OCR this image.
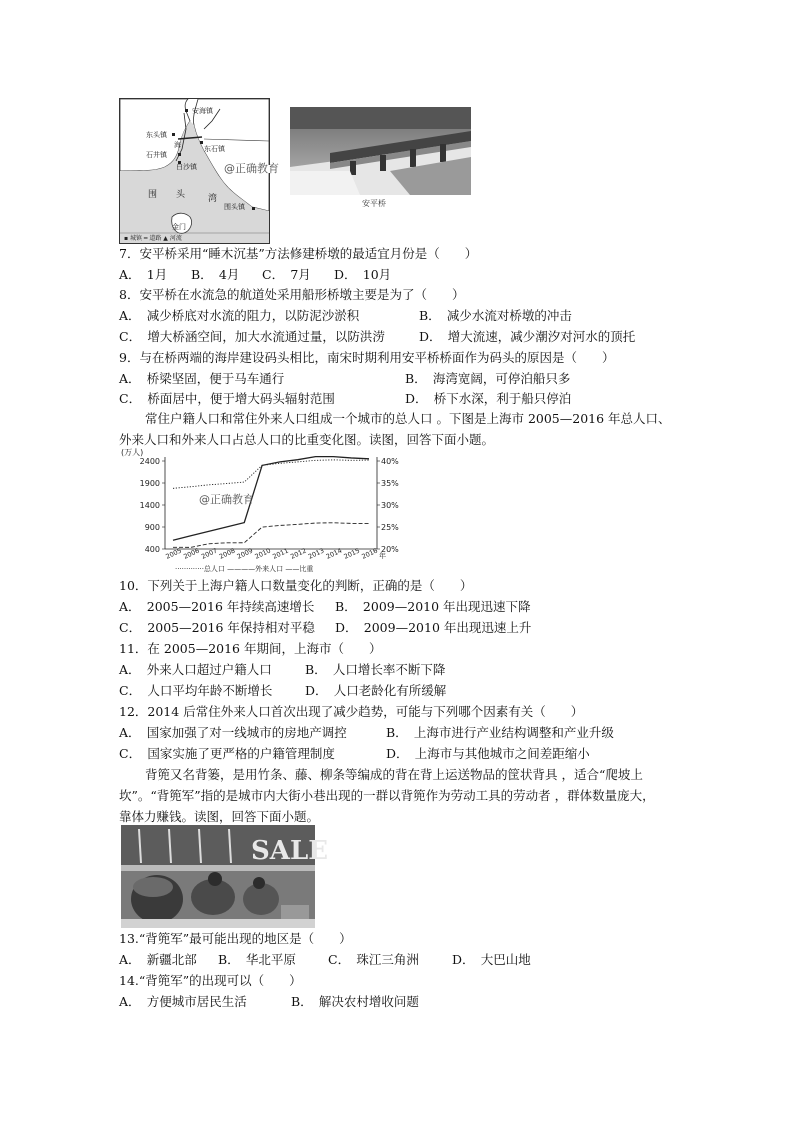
安海镇
东头镇
海
石井镇
东石镇
白沙镇
围 头	湾
围头镇
金门
▪ 城镇 ━ 道路 ▲ 河流
@正确教育
安平桥
7．安平桥采用“睡木沉基”方法修建桥墩的最适宜月份是（　　）
A．　1月 B．　4月 C．　7月 D．　10月
8．安平桥在水流急的航道处采用船形桥墩主要是为了（　　）
A．　减少桥底对水流的阻力，以防泥沙淤积	B．　减少水流对桥墩的冲击
C．　增大桥涵空间，加大水流通过量，以防洪涝	D．　增大流速，减少潮汐对河水的顶托
9．与在桥两端的海岸建设码头相比，南宋时期利用安平桥桥面作为码头的原因是（　　）
A．　桥梁坚固，便于马车通行	B．　海湾宽阔，可停泊船只多
C．　桥面居中，便于增大码头辐射范围	D．　桥下水深，利于船只停泊
常住户籍人口和常住外来人口组成一个城市的总人口 。下图是上海市 2005—2016 年总人口、
外来人口和外来人口占总人口的比重变化图。读图，回答下面小题。
(万人)
2400
1900
1400
900
400
40%
35%
30%
25%
20%
2005 2006 2007 2008 2009 2010 2011 2012 2013 2014 2015 2016 年
@正确教育
·············总人口 ————外来人口 ——比重
10．下列关于上海户籍人口数量变化的判断，正确的是（　　）
A．　2005—2016 年持续高速增长 B．　2009—2010 年出现迅速下降
C．　2005—2016 年保持相对平稳 D．　2009—2010 年出现迅速上升
11．在 2005—2016 年期间，上海市（　　）
A．　外来人口超过户籍人口	B．　人口增长率不断下降
C．　人口平均年龄不断增长	D．　人口老龄化有所缓解
12．2014 后常住外来人口首次出现了减少趋势，可能与下列哪个因素有关（　　）
A．　国家加强了对一线城市的房地产调控	B．　上海市进行产业结构调整和产业升级
C．　国家实施了更严格的户籍管理制度	D．　上海市与其他城市之间差距缩小
背篼又名背篓，是用竹条、藤、柳条等编成的背在背上运送物品的筐状背具 ，适合“爬坡上
坎”。“背篼军”指的是城市内大街小巷出现的一群以背篼作为劳动工具的劳动者 ，群体数量庞大，
靠体力赚钱。读图，回答下面小题。
SALE
13.“背篼军”最可能出现的地区是（　　）
A．　新疆北部 B．　华北平原	C．　珠江三角洲	D．　大巴山地
14.“背篼军”的出现可以（　　）
A．　方便城市居民生活	B．　解决农村增收问题
